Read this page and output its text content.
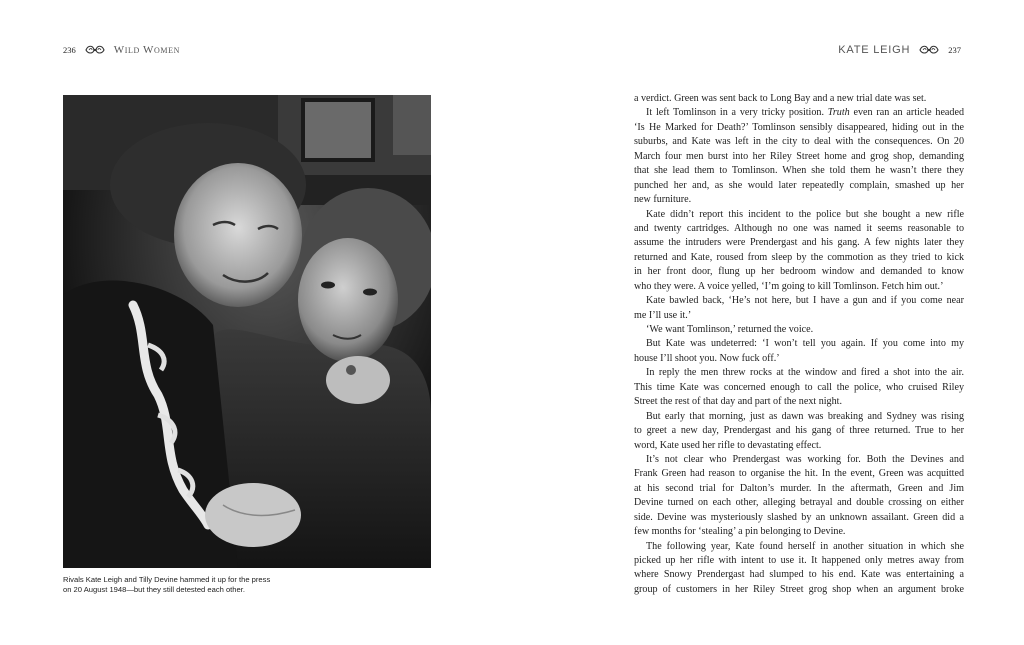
236	Wild Women
Rivals Kate Leigh and Tilly Devine hammed it up for the press
on 20 August 1948—but they still detested each other.
KATE LEIGH	237
a verdict. Green was sent back to Long Bay and a new trial date was set.
It left Tomlinson in a very tricky position. Truth even ran an article headed
‘Is He Marked for Death?’ Tomlinson sensibly disappeared, hiding out in the
suburbs, and Kate was left in the city to deal with the consequences. On 20
March four men burst into her Riley Street home and grog shop, demanding
that she lead them to Tomlinson. When she told them he wasn’t there they
punched her and, as she would later repeatedly complain, smashed up her
new furniture.
Kate didn’t report this incident to the police but she bought a new rifle
and twenty cartridges. Although no one was named it seems reasonable to
assume the intruders were Prendergast and his gang. A few nights later they
returned and Kate, roused from sleep by the commotion as they tried to kick
in her front door, flung up her bedroom window and demanded to know
who they were. A voice yelled, ‘I’m going to kill Tomlinson. Fetch him out.’
Kate bawled back, ‘He’s not here, but I have a gun and if you come near
me I’ll use it.’
‘We want Tomlinson,’ returned the voice.
But Kate was undeterred: ‘I won’t tell you again. If you come into my
house I’ll shoot you. Now fuck off.’
In reply the men threw rocks at the window and fired a shot into the air.
This time Kate was concerned enough to call the police, who cruised Riley
Street the rest of that day and part of the next night.
But early that morning, just as dawn was breaking and Sydney was rising
to greet a new day, Prendergast and his gang of three returned. True to her
word, Kate used her rifle to devastating effect.
It’s not clear who Prendergast was working for. Both the Devines and
Frank Green had reason to organise the hit. In the event, Green was acquitted
at his second trial for Dalton’s murder. In the aftermath, Green and Jim
Devine turned on each other, alleging betrayal and double crossing on either
side. Devine was mysteriously slashed by an unknown assailant. Green did a
few months for ‘stealing’ a pin belonging to Devine.
The following year, Kate found herself in another situation in which she
picked up her rifle with intent to use it. It happened only metres away from
where Snowy Prendergast had slumped to his end. Kate was entertaining a
group of customers in her Riley Street grog shop when an argument broke
